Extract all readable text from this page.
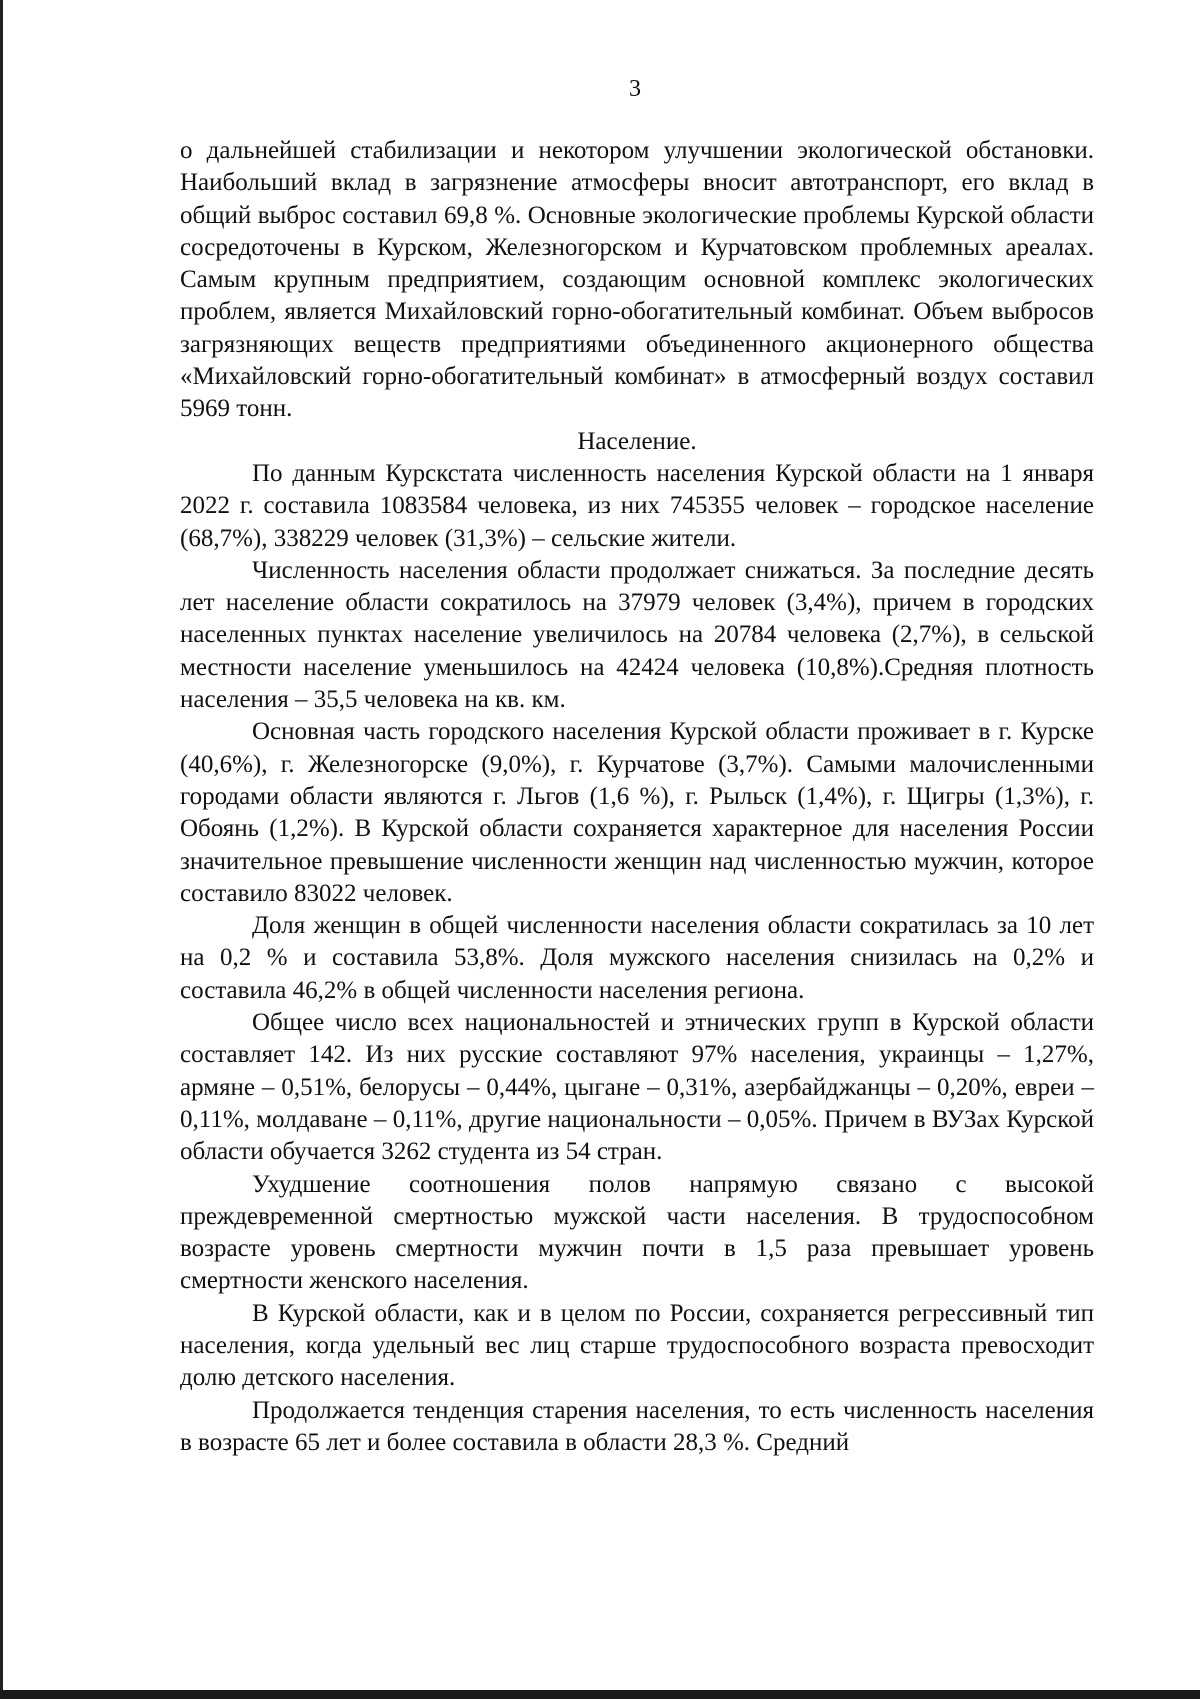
3

о дальнейшей стабилизации и некотором улучшении экологической обстановки. Наибольший вклад в загрязнение атмосферы вносит автотранспорт, его вклад в общий выброс составил 69,8 %. Основные экологические проблемы Курской области сосредоточены в Курском, Железногорском и Курчатовском проблемных ареалах. Самым крупным предприятием, создающим основной комплекс экологических проблем, является Михайловский горно-обогатительный комбинат. Объем выбросов загрязняющих веществ предприятиями объединенного акционерного общества «Михайловский горно-обогатительный комбинат» в атмосферный воздух составил 5969 тонн.

Население.

По данным Курскстата численность населения Курской области на 1 января 2022 г. составила 1083584 человека, из них 745355 человек – городское население (68,7%), 338229 человек (31,3%) – сельские жители.

Численность населения области продолжает снижаться. За последние десять лет население области сократилось на 37979 человек (3,4%), причем в городских населенных пунктах население увеличилось на 20784 человека (2,7%), в сельской местности население уменьшилось на 42424 человека (10,8%).Средняя плотность населения – 35,5 человека на кв. км.

Основная часть городского населения Курской области проживает в г. Курске (40,6%), г. Железногорске (9,0%), г. Курчатове (3,7%). Самыми малочисленными городами области являются г. Льгов (1,6 %), г. Рыльск (1,4%), г. Щигры (1,3%), г. Обоянь (1,2%). В Курской области сохраняется характерное для населения России значительное превышение численности женщин над численностью мужчин, которое составило 83022 человек.

Доля женщин в общей численности населения области сократилась за 10 лет на 0,2 % и составила 53,8%. Доля мужского населения снизилась на 0,2% и составила 46,2% в общей численности населения региона.

Общее число всех национальностей и этнических групп в Курской области составляет 142. Из них русские составляют 97% населения, украинцы – 1,27%, армяне – 0,51%, белорусы – 0,44%, цыгане – 0,31%, азербайджанцы – 0,20%, евреи – 0,11%, молдаване – 0,11%, другие национальности – 0,05%. Причем в ВУЗах Курской области обучается 3262 студента из 54 стран.

Ухудшение соотношения полов напрямую связано с высокой преждевременной смертностью мужской части населения. В трудоспособном возрасте уровень смертности мужчин почти в 1,5 раза превышает уровень смертности женского населения.

В Курской области, как и в целом по России, сохраняется регрессивный тип населения, когда удельный вес лиц старше трудоспособного возраста превосходит долю детского населения.

Продолжается тенденция старения населения, то есть численность населения в возрасте 65 лет и более составила в области 28,3 %. Средний
